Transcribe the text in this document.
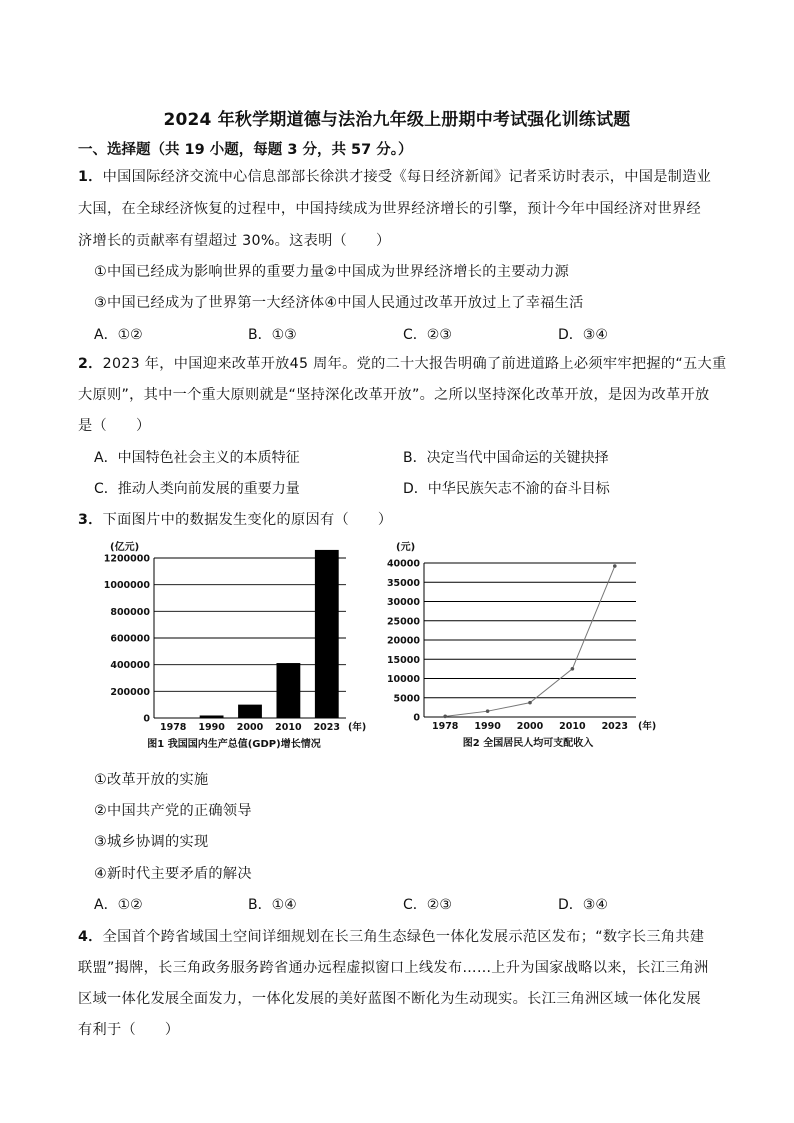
2024 年秋学期道德与法治九年级上册期中考试强化训练试题
一、选择题（共 19 小题，每题 3 分，共 57 分。）
1．中国国际经济交流中心信息部部长徐洪才接受《每日经济新闻》记者采访时表示，中国是制造业
大国，在全球经济恢复的过程中，中国持续成为世界经济增长的引擎，预计今年中国经济对世界经
济增长的贡献率有望超过 30%。这表明（　　）
①中国已经成为影响世界的重要力量②中国成为世界经济增长的主要动力源
③中国已经成为了世界第一大经济体④中国人民通过改革开放过上了幸福生活
A．①②	B．①③	C．②③	D．③④
2．2023 年，中国迎来改革开放45 周年。党的二十大报告明确了前进道路上必须牢牢把握的“五大重
大原则”，其中一个重大原则就是“坚持深化改革开放”。之所以坚持深化改革开放，是因为改革开放
是（　　）
A．中国特色社会主义的本质特征	B．决定当代中国命运的关键抉择
C．推动人类向前发展的重要力量	D．中华民族矢志不渝的奋斗目标
3．下面图片中的数据发生变化的原因有（　　）
(亿元)
1200000
1000000
800000
600000
400000
200000
0
1978 1990 2000 2010 2023 (年)
图1 我国国内生产总值(GDP)增长情况
(元)
40000
35000
30000
25000
20000
15000
10000
5000
0
1978 1990 2000 2010 2023 (年)
图2 全国居民人均可支配收入
①改革开放的实施
②中国共产党的正确领导
③城乡协调的实现
④新时代主要矛盾的解决
A．①②	B．①④	C．②③	D．③④
4．全国首个跨省域国土空间详细规划在长三角生态绿色一体化发展示范区发布；“数字长三角共建
联盟”揭牌，长三角政务服务跨省通办远程虚拟窗口上线发布……上升为国家战略以来，长江三角洲
区域一体化发展全面发力，一体化发展的美好蓝图不断化为生动现实。长江三角洲区域一体化发展
有利于（　　）
